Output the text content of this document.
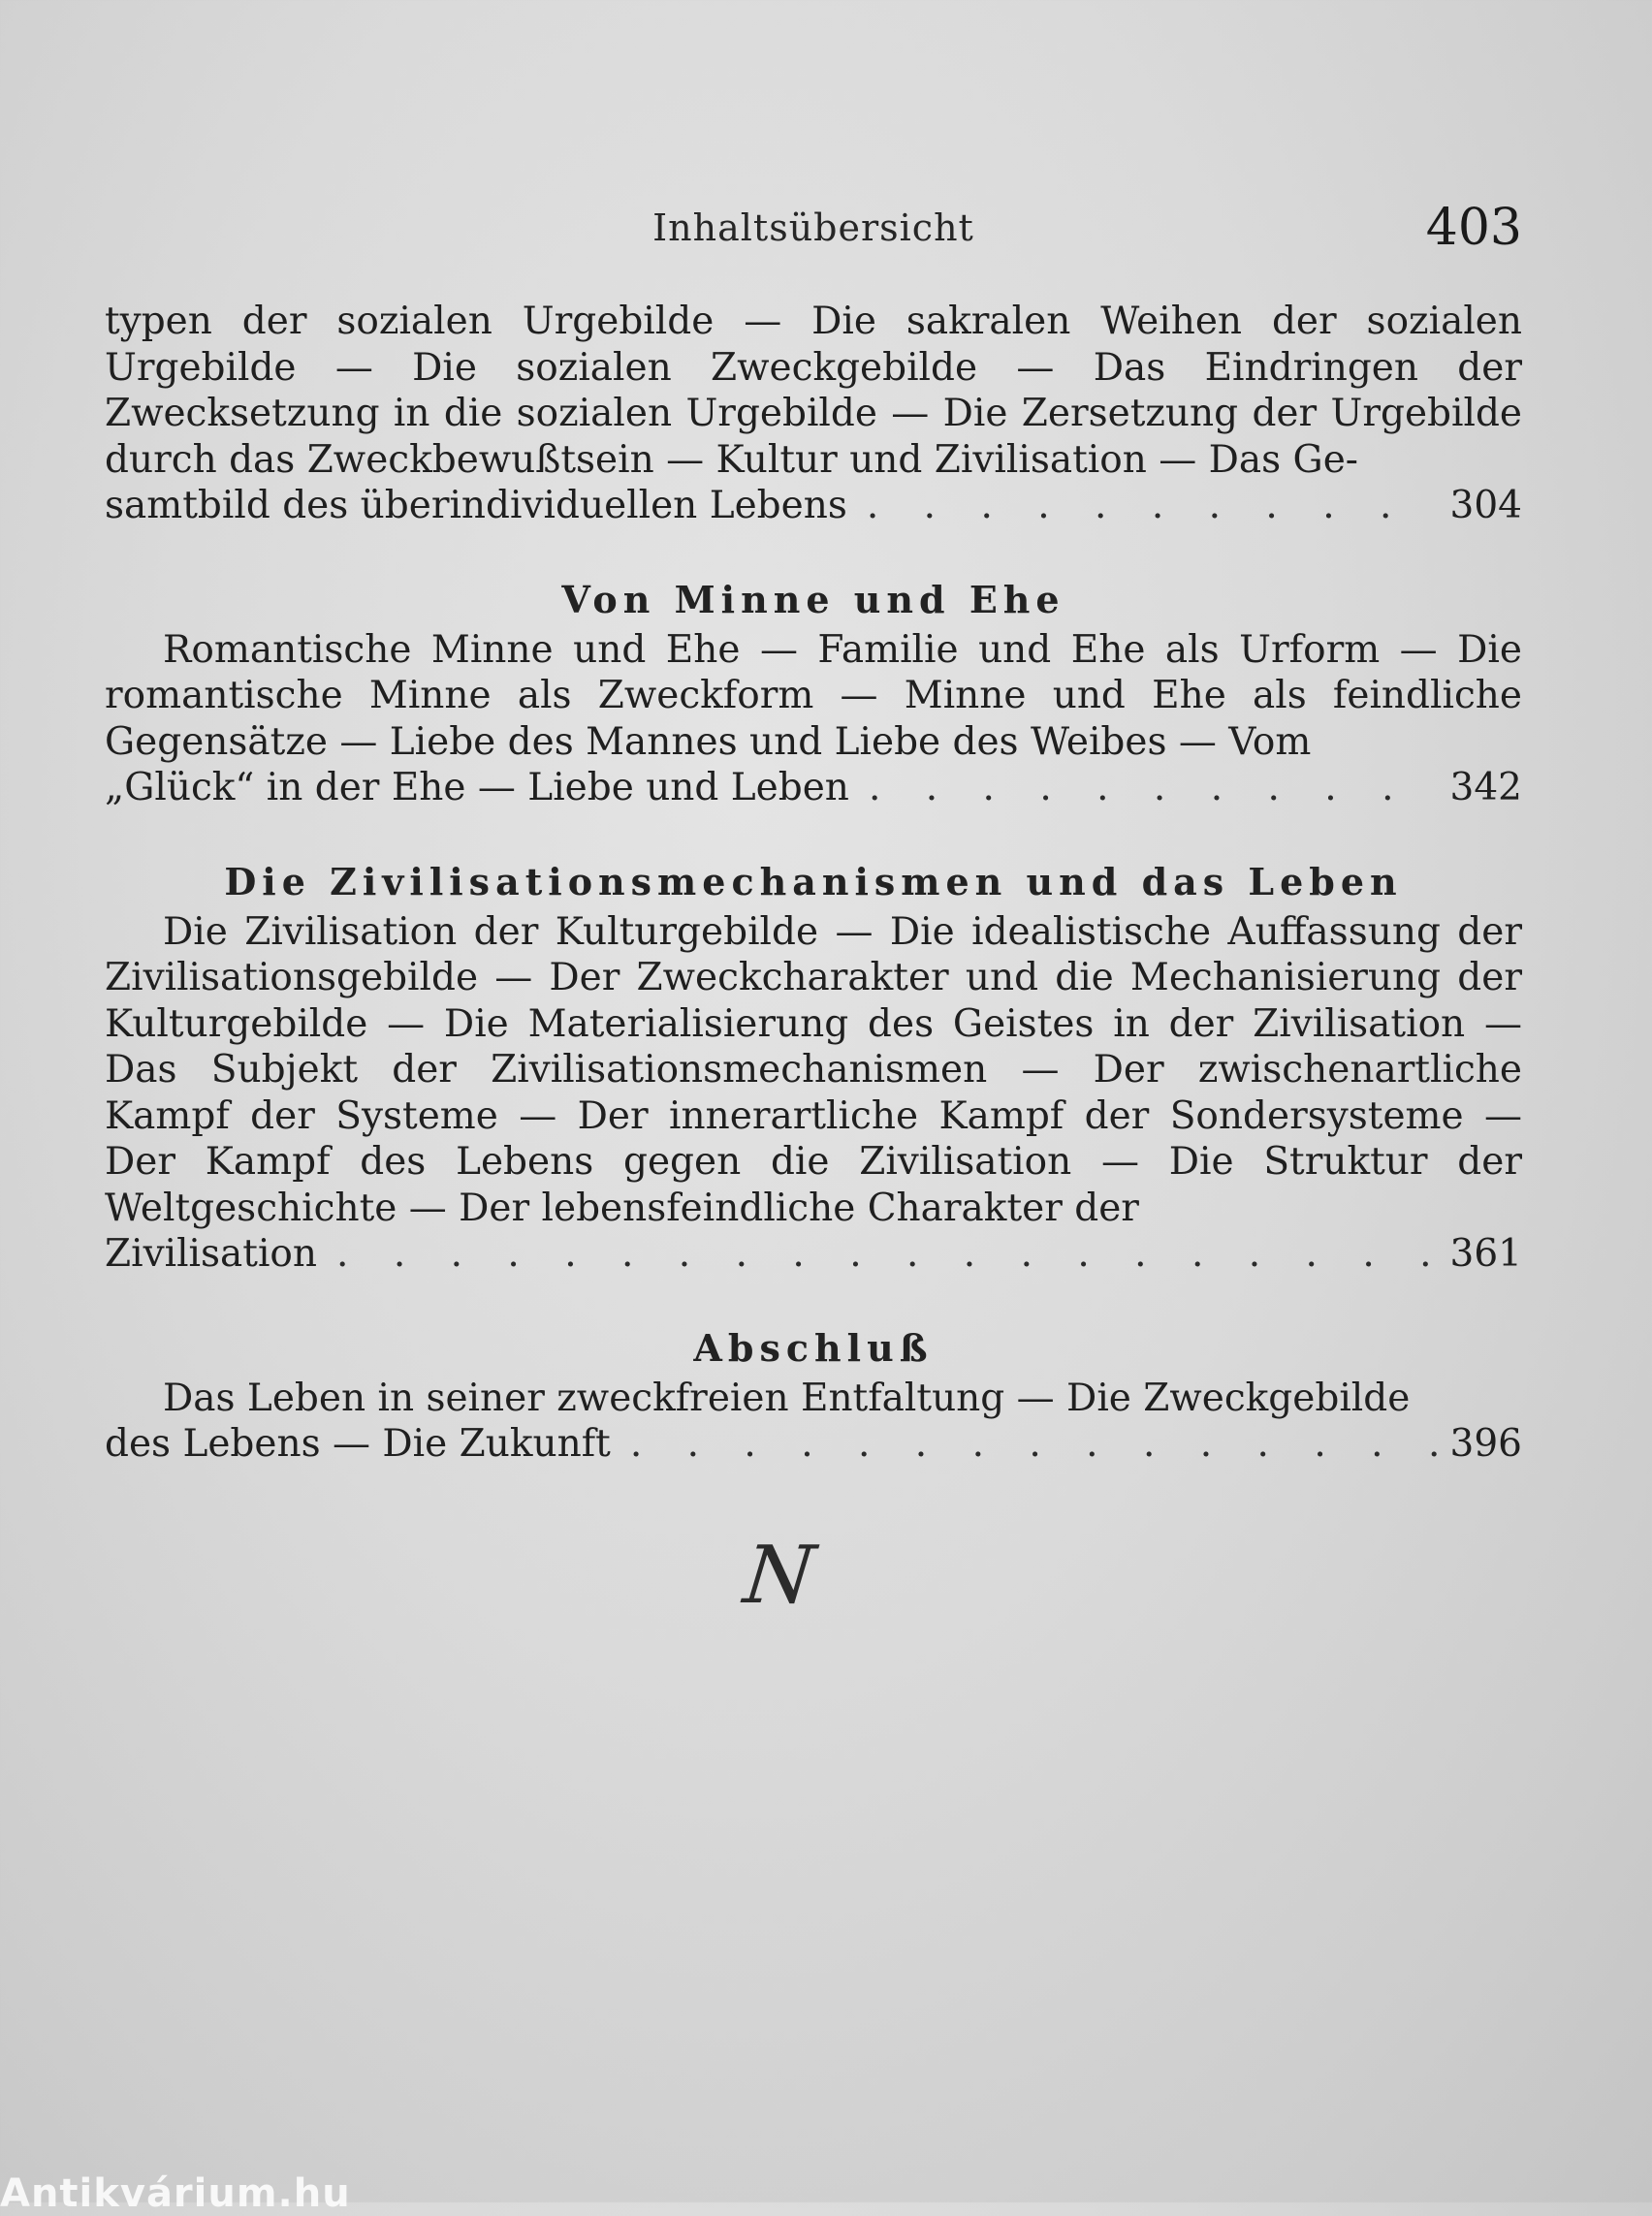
Inhaltsübersicht	403

typen der sozialen Urgebilde — Die sakralen Weihen der sozialen Urgebilde — Die sozialen Zweckgebilde — Das Eindringen der Zwecksetzung in die sozialen Urgebilde — Die Zersetzung der Urgebilde durch das Zweckbewußtsein — Kultur und Zivilisation — Das Ge-

samtbild des überindividuellen Lebens . . .	304
Von Minne und Ehe

Romantische Minne und Ehe — Familie und Ehe als Urform — Die romantische Minne als Zweckform — Minne und Ehe als feindliche Gegensätze — Liebe des Mannes und Liebe des Weibes — Vom

„Glück“ in der Ehe — Liebe und Leben . . .	342
Die Zivilisationsmechanismen und das Leben

Die Zivilisation der Kulturgebilde — Die idealistische Auffassung der Zivilisationsgebilde — Der Zweckcharakter und die Mechanisierung der Kulturgebilde — Die Materialisierung des Geistes in der Zivilisation — Das Subjekt der Zivilisationsmechanismen — Der zwischenartliche Kampf der Systeme — Der innerartliche Kampf der Sondersysteme — Der Kampf des Lebens gegen die Zivilisation — Die Struktur der Weltgeschichte — Der lebensfeindliche Charakter der

Zivilisation . . .	361
Abschluß

Das Leben in seiner zweckfreien Entfaltung — Die Zweckgebilde

des Lebens — Die Zukunft . . .	396
N
Antikvárium.hu
